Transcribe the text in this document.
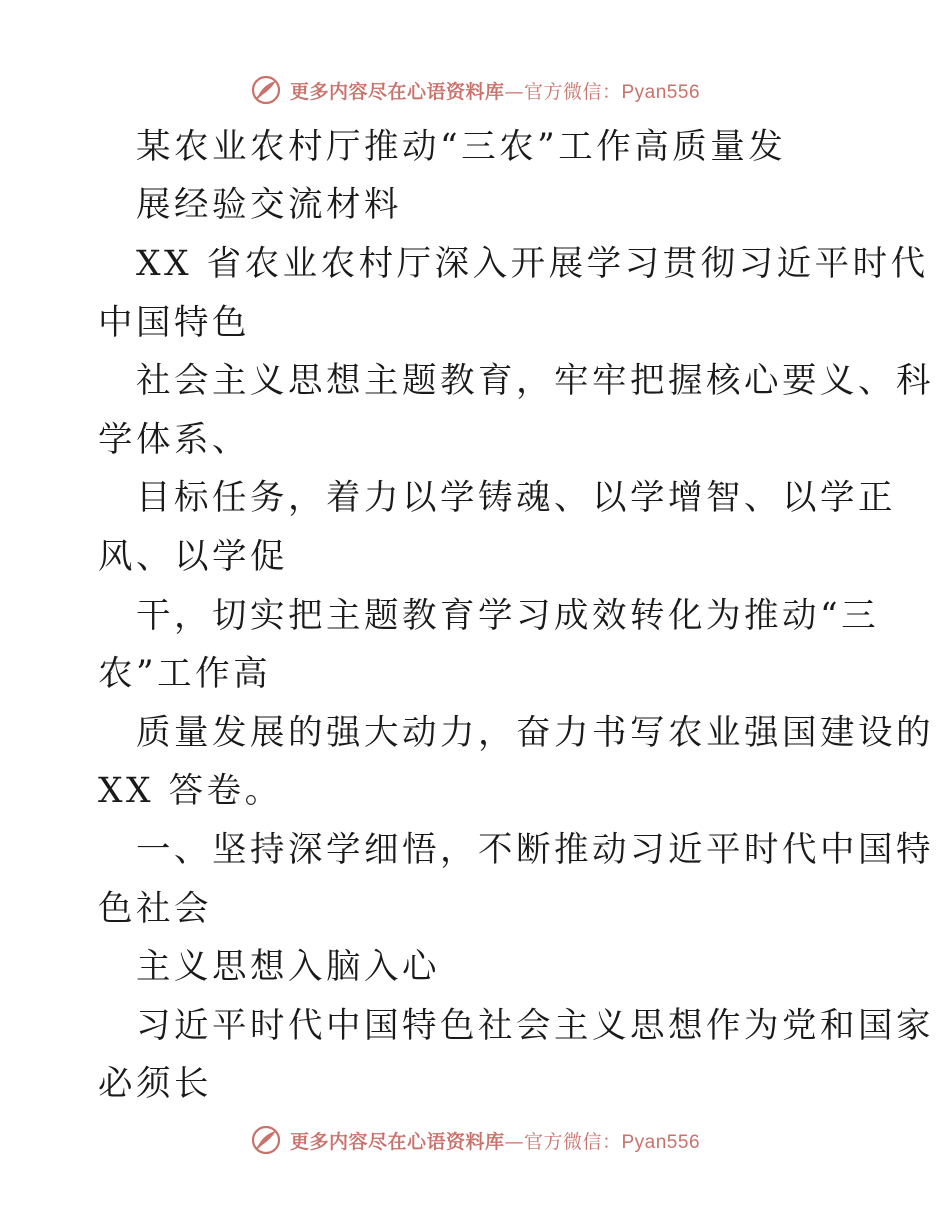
更多内容尽在心语资料库—官方微信：Pyan556
某农业农村厅推动“三农”工作高质量发
展经验交流材料
XX 省农业农村厅深入开展学习贯彻习近平时代
中国特色
社会主义思想主题教育，牢牢把握核心要义、科
学体系、
目标任务，着力以学铸魂、以学增智、以学正
风、以学促
干，切实把主题教育学习成效转化为推动“三
农”工作高
质量发展的强大动力，奋力书写农业强国建设的
XX 答卷。
一、坚持深学细悟，不断推动习近平时代中国特
色社会
主义思想入脑入心
习近平时代中国特色社会主义思想作为党和国家
必须长
更多内容尽在心语资料库—官方微信：Pyan556
